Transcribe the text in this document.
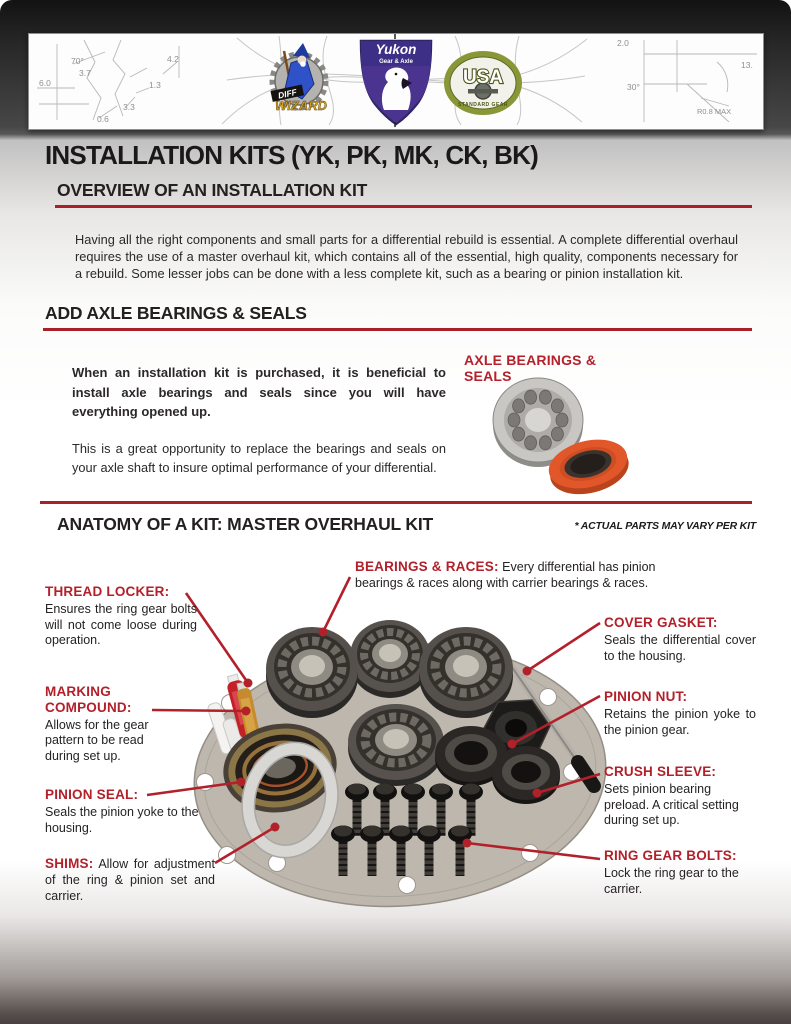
6.0
70°
3.7
4.2
1.3
3.3
0.6
2.0
13.
30°
R0.8 MAX
DIFF
WIZARD
Yukon
Gear & Axle
USA
STANDARD GEAR
INSTALLATION KITS (YK, PK, MK, CK, BK)
OVERVIEW OF AN INSTALLATION KIT

Having all the right components and small parts for a differential rebuild is essential. A complete differential overhaul requires the use of a master overhaul kit, which contains all of the essential, high quality, components necessary for a rebuild. Some lesser jobs can be done with a less complete kit, such as a bearing or pinion installation kit.

ADD AXLE BEARINGS & SEALS

When an installation kit is purchased, it is beneficial to install axle bearings and seals since you will have everything opened up.

This is a great opportunity to replace the bearings and seals on your axle shaft to insure optimal performance of your differential.

AXLE BEARINGS & SEALS
ANATOMY OF A KIT: MASTER OVERHAUL KIT	* ACTUAL PARTS MAY VARY PER KIT
THREAD LOCKER:
Ensures the ring gear bolts will not come loose during operation.
MARKING COMPOUND:
Allows for the gear pattern to be read during set up.
PINION SEAL:
Seals the pinion yoke to the housing.
SHIMS: Allow for adjustment of the ring & pinion set and carrier.
BEARINGS & RACES: Every differential has pinion bearings & races along with carrier bearings & races.
COVER GASKET:
Seals the differential cover to the housing.
PINION NUT:
Retains the pinion yoke to the pinion gear.
CRUSH SLEEVE:
Sets pinion bearing preload. A critical setting during set up.
RING GEAR BOLTS:
Lock the ring gear to the carrier.
